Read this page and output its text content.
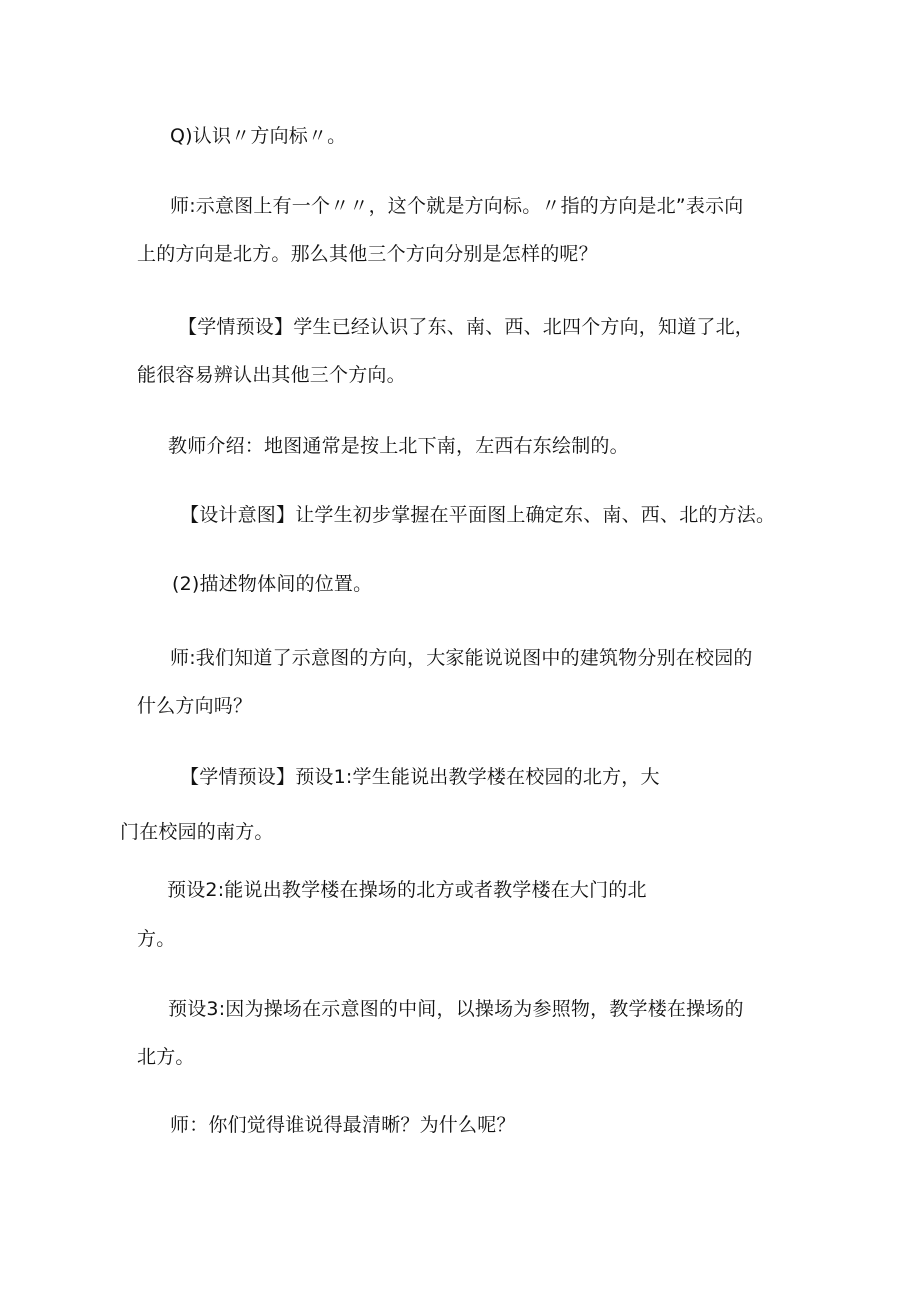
Q)认识〃方向标〃。
师:示意图上有一个〃〃，这个就是方向标。〃指的方向是北”表示向
上的方向是北方。那么其他三个方向分别是怎样的呢？
【学情预设】学生已经认识了东、南、西、北四个方向，知道了北，
能很容易辨认出其他三个方向。
教师介绍：地图通常是按上北下南，左西右东绘制的。
【设计意图】让学生初步掌握在平面图上确定东、南、西、北的方法。
(2)描述物体间的位置。
师:我们知道了示意图的方向，大家能说说图中的建筑物分别在校园的
什么方向吗？
【学情预设】预设1:学生能说出教学楼在校园的北方，大
门在校园的南方。
预设2:能说出教学楼在操场的北方或者教学楼在大门的北
方。
预设3:因为操场在示意图的中间，以操场为参照物，教学楼在操场的
北方。
师：你们觉得谁说得最清晰？为什么呢？
